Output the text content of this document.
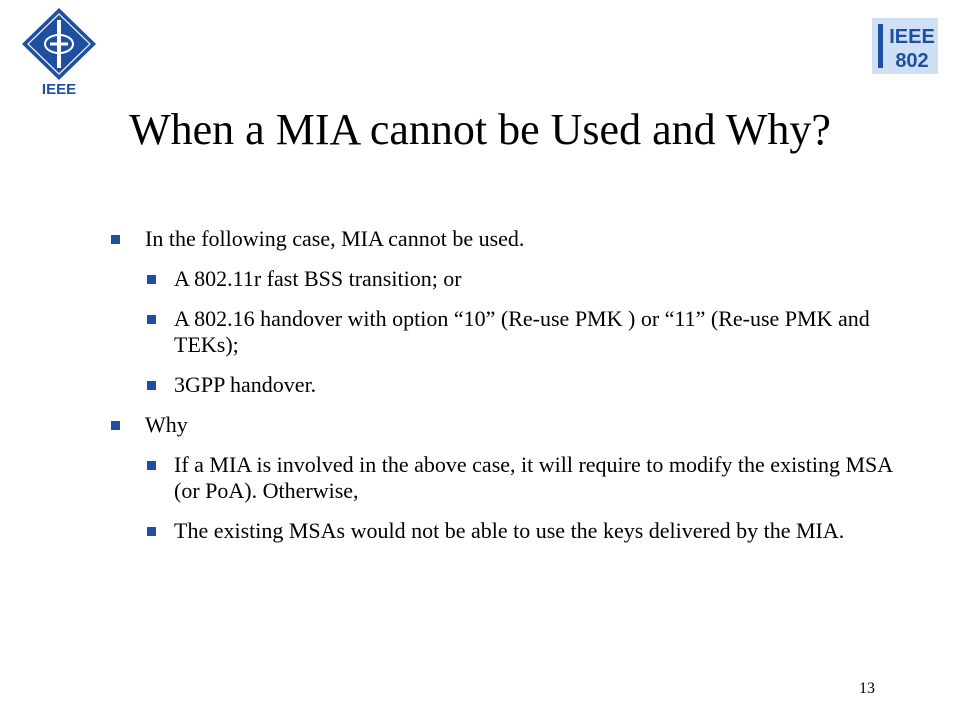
IEEE
IEEE
802
When a MIA cannot be Used and Why?

In the following case, MIA cannot be used.

A 802.11r fast BSS transition; or

A 802.16 handover with option “10” (Re-use PMK ) or “11” (Re-use PMK and TEKs);

3GPP handover.

Why

If a MIA is involved in the above case, it will require to modify the existing MSA (or PoA). Otherwise,

The existing MSAs would not be able to use the keys delivered by the MIA.

13
